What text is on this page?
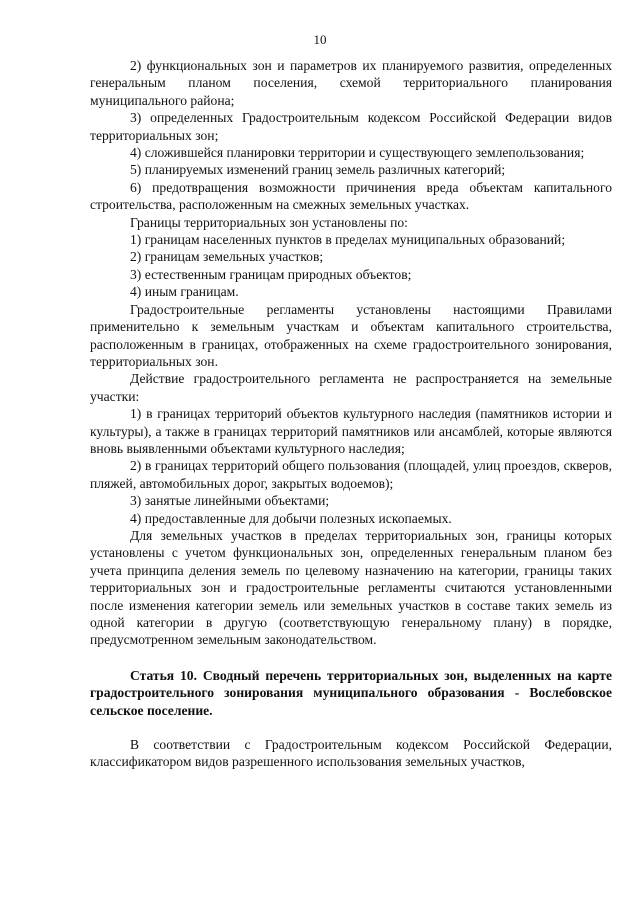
10

2) функциональных зон и параметров их планируемого развития, определенных генеральным планом поселения, схемой территориального планирования муниципального района;

3) определенных Градостроительным кодексом Российской Федерации видов территориальных зон;

4) сложившейся планировки территории и существующего землепользования;

5) планируемых изменений границ земель различных категорий;

6) предотвращения возможности причинения вреда объектам капитального строительства, расположенным на смежных земельных участках.

Границы территориальных зон установлены по:

1) границам населенных пунктов в пределах муниципальных образований;

2) границам земельных участков;

3) естественным границам природных объектов;

4) иным границам.

Градостроительные регламенты установлены настоящими Правилами применительно к земельным участкам и объектам капитального строительства, расположенным в границах, отображенных на схеме градостроительного зонирования, территориальных зон.

Действие градостроительного регламента не распространяется на земельные участки:

1) в границах территорий объектов культурного наследия (памятников истории и культуры), а также в границах территорий памятников или ансамблей, которые являются вновь выявленными объектами культурного наследия;

2) в границах территорий общего пользования (площадей, улиц проездов, скверов, пляжей, автомобильных дорог, закрытых водоемов);

3) занятые линейными объектами;

4) предоставленные для добычи полезных ископаемых.

Для земельных участков в пределах территориальных зон, границы которых установлены с учетом функциональных зон, определенных генеральным планом без учета принципа деления земель по целевому назначению на категории, границы таких территориальных зон и градостроительные регламенты считаются установленными после изменения категории земель или земельных участков в составе таких земель из одной категории в другую (соответствующую генеральному плану) в порядке, предусмотренном земельным законодательством.

Статья 10. Сводный перечень территориальных зон, выделенных на карте градостроительного зонирования муниципального образования - Вослебовское сельское поселение.

В соответствии с Градостроительным кодексом Российской Федерации, классификатором видов разрешенного использования земельных участков,
